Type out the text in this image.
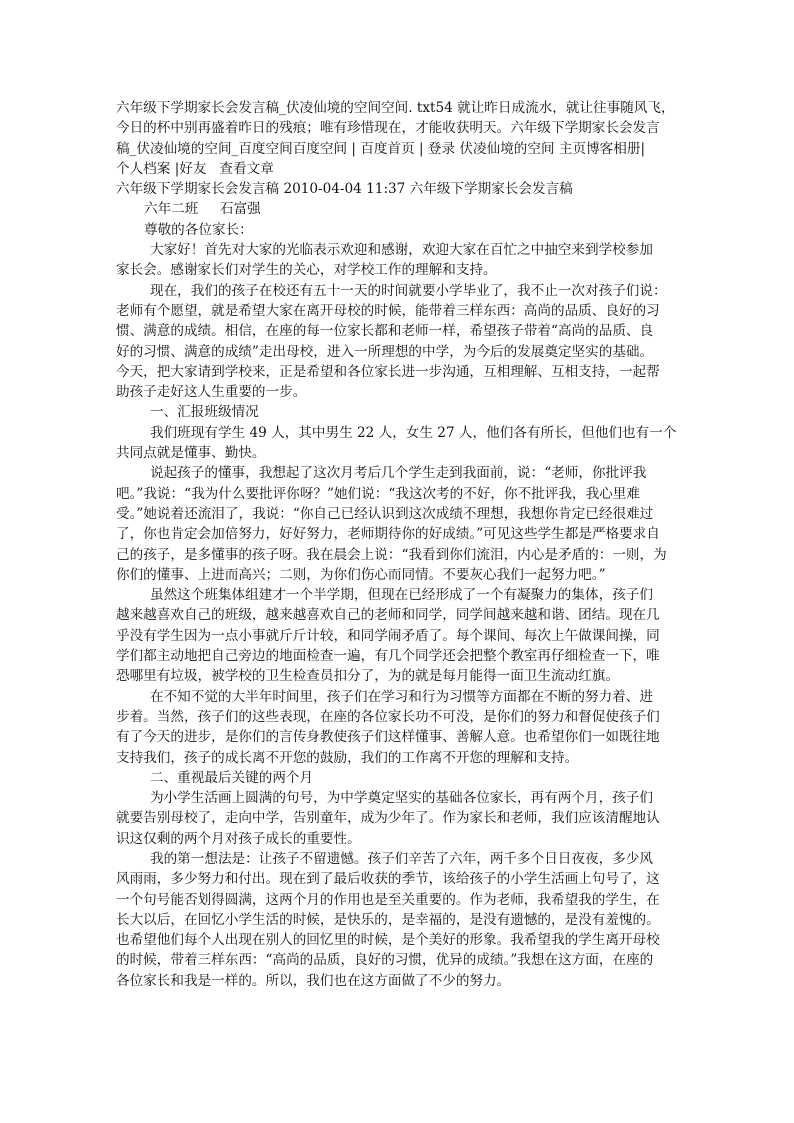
六年级下学期家长会发言稿_伏凌仙境的空间空间. txt54 就让昨日成流水，就让往事随风飞，
今日的杯中别再盛着昨日的残痕；唯有珍惜现在，才能收获明天。六年级下学期家长会发言
稿_伏凌仙境的空间_百度空间百度空间 | 百度首页 | 登录 伏凌仙境的空间 主页博客相册|
个人档案 |好友   查看文章
六年级下学期家长会发言稿 2010-04-04 11:37 六年级下学期家长会发言稿
六年二班     石富强
尊敬的各位家长：
大家好！首先对大家的光临表示欢迎和感谢，欢迎大家在百忙之中抽空来到学校参加
家长会。感谢家长们对学生的关心，对学校工作的理解和支持。
现在，我们的孩子在校还有五十一天的时间就要小学毕业了，我不止一次对孩子们说：
老师有个愿望，就是希望大家在离开母校的时候，能带着三样东西：高尚的品质、良好的习
惯、满意的成绩。相信，在座的每一位家长都和老师一样，希望孩子带着“高尚的品质、良
好的习惯、满意的成绩”走出母校，进入一所理想的中学，为今后的发展奠定坚实的基础。
今天，把大家请到学校来，正是希望和各位家长进一步沟通，互相理解、互相支持，一起帮
助孩子走好这人生重要的一步。
一、汇报班级情况
我们班现有学生 49 人，其中男生 22 人，女生 27 人，他们各有所长，但他们也有一个
共同点就是懂事、勤快。
说起孩子的懂事，我想起了这次月考后几个学生走到我面前，说：“老师，你批评我
吧。”我说：“我为什么要批评你呀？”她们说：“我这次考的不好，你不批评我，我心里难
受。”她说着还流泪了，我说：“你自己已经认识到这次成绩不理想，我想你肯定已经很难过
了，你也肯定会加倍努力，好好努力，老师期待你的好成绩。”可见这些学生都是严格要求自
己的孩子，是多懂事的孩子呀。我在晨会上说：“我看到你们流泪，内心是矛盾的：一则，为
你们的懂事、上进而高兴；二则，为你们伤心而同情。不要灰心我们一起努力吧。”
虽然这个班集体组建才一个半学期，但现在已经形成了一个有凝聚力的集体，孩子们
越来越喜欢自己的班级，越来越喜欢自己的老师和同学，同学间越来越和谐、团结。现在几
乎没有学生因为一点小事就斤斤计较，和同学闹矛盾了。每个课间、每次上午做课间操，同
学们都主动地把自己旁边的地面检查一遍，有几个同学还会把整个教室再仔细检查一下，唯
恐哪里有垃圾，被学校的卫生检查员扣分了，为的就是每月能得一面卫生流动红旗。
在不知不觉的大半年时间里，孩子们在学习和行为习惯等方面都在不断的努力着、进
步着。当然，孩子们的这些表现，在座的各位家长功不可没，是你们的努力和督促使孩子们
有了今天的进步，是你们的言传身教使孩子们这样懂事、善解人意。也希望你们一如既往地
支持我们，孩子的成长离不开您的鼓励，我们的工作离不开您的理解和支持。
二、重视最后关键的两个月
为小学生活画上圆满的句号，为中学奠定坚实的基础各位家长，再有两个月，孩子们
就要告别母校了，走向中学，告别童年，成为少年了。作为家长和老师，我们应该清醒地认
识这仅剩的两个月对孩子成长的重要性。
我的第一想法是：让孩子不留遗憾。孩子们辛苦了六年，两千多个日日夜夜，多少风
风雨雨，多少努力和付出。现在到了最后收获的季节，该给孩子的小学生活画上句号了，这
一个句号能否划得圆满，这两个月的作用也是至关重要的。作为老师，我希望我的学生，在
长大以后，在回忆小学生活的时候，是快乐的，是幸福的，是没有遗憾的，是没有羞愧的。
也希望他们每个人出现在别人的回忆里的时候，是个美好的形象。我希望我的学生离开母校
的时候，带着三样东西：“高尚的品质，良好的习惯，优异的成绩。”我想在这方面，在座的
各位家长和我是一样的。所以，我们也在这方面做了不少的努力。
